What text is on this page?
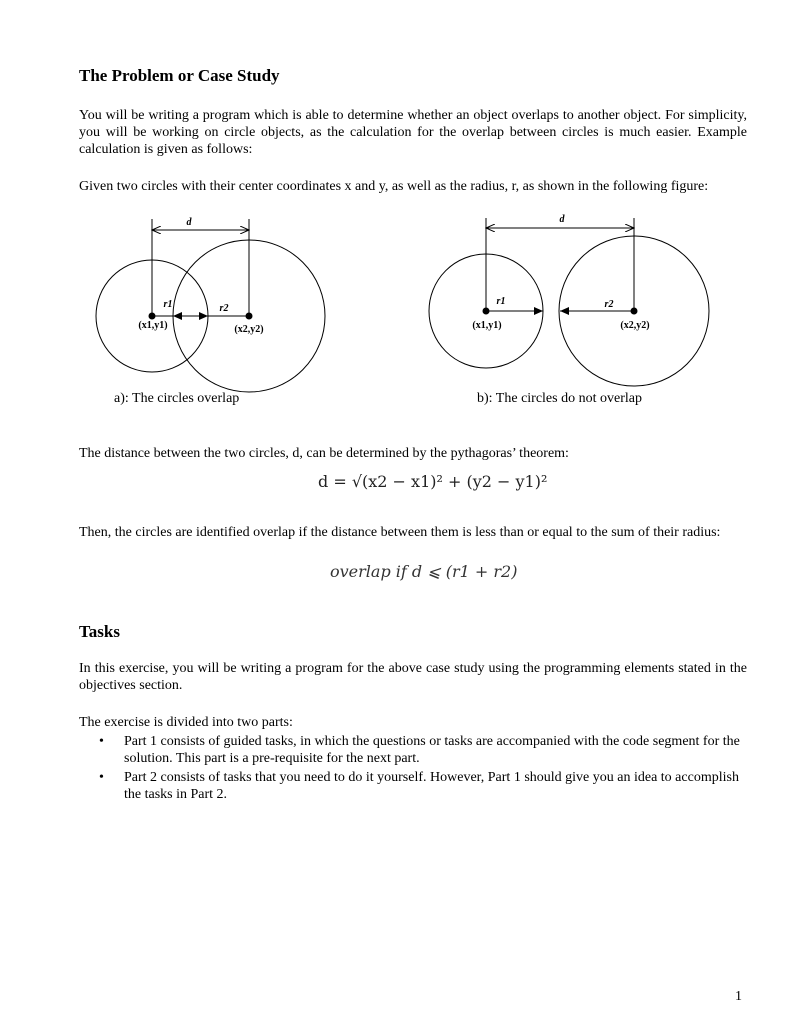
The Problem or Case Study
You will be writing a program which is able to determine whether an object overlaps to another object. For simplicity, you will be working on circle objects, as the calculation for the overlap between circles is much easier. Example calculation is given as follows:
Given two circles with their center coordinates x and y, as well as the radius, r, as shown in the following figure:
d
r1	r2
(x1,y1)	(x2,y2)
d
r1	r2
(x1,y1)	(x2,y2)
a): The circles overlap	b): The circles do not overlap
The distance between the two circles, d, can be determined by the pythagoras’ theorem:
d = √(x2 − x1)² + (y2 − y1)²
Then, the circles are identified overlap if the distance between them is less than or equal to the sum of their radius:
overlap if d ⩽ (r1 + r2)
Tasks
In this exercise, you will be writing a program for the above case study using the programming elements stated in the objectives section.
The exercise is divided into two parts:
• Part 1 consists of guided tasks, in which the questions or tasks are accompanied with the code segment for the solution. This part is a pre-requisite for the next part.
• Part 2 consists of tasks that you need to do it yourself. However, Part 1 should give you an idea to accomplish the tasks in Part 2.
1
